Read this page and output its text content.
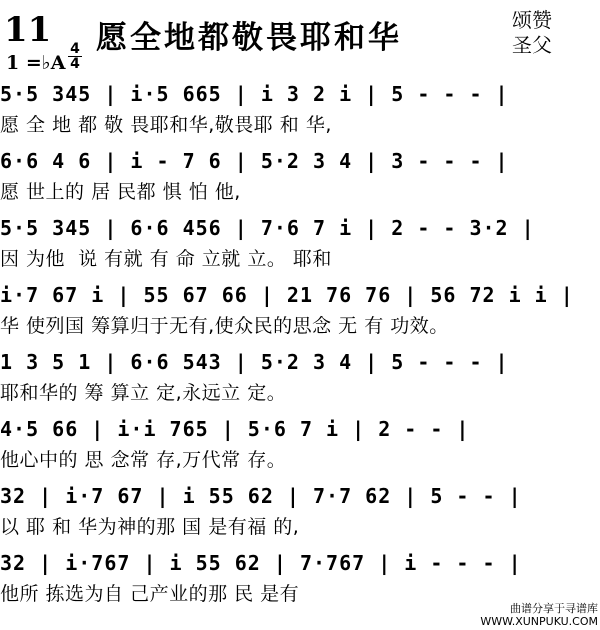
11 愿全地都敬畏耶和华	颂赞
圣父
1 =♭A
4
4
5·5 345 | i·5 665 | i 3 2 i | 5 - - - |
愿 全 地 都 敬 畏耶和华,敬畏耶 和 华,
6·6 4 6 | i - 7 6 | 5·2 3 4 | 3 - - - |
愿 世上的 居 民都 惧 怕 他,
5·5 345 | 6·6 456 | 7·6 7 i | 2 - - 3·2 |
因 为他  说 有就 有 命 立就 立。 耶和
i·7 67 i | 55 67 66 | 21 76 76 | 56 72 i i |
华 使列国 筹算归于无有,使众民的思念 无 有 功效。
1 3 5 1 | 6·6 543 | 5·2 3 4 | 5 - - - |
耶和华的 筹 算立 定,永远立 定。
4·5 66 | i·i 765 | 5·6 7 i | 2 - - |
他心中的 思 念常 存,万代常 存。
32 | i·7 67 | i 55 62 | 7·7 62 | 5 - - |
以 耶 和 华为神的那 国 是有福 的,
32 | i·767 | i 55 62 | 7·767 | i - - - |
他所 拣选为自 己产业的那 民 是有
曲谱分享于寻谱库
WWW.XUNPUKU.COM
